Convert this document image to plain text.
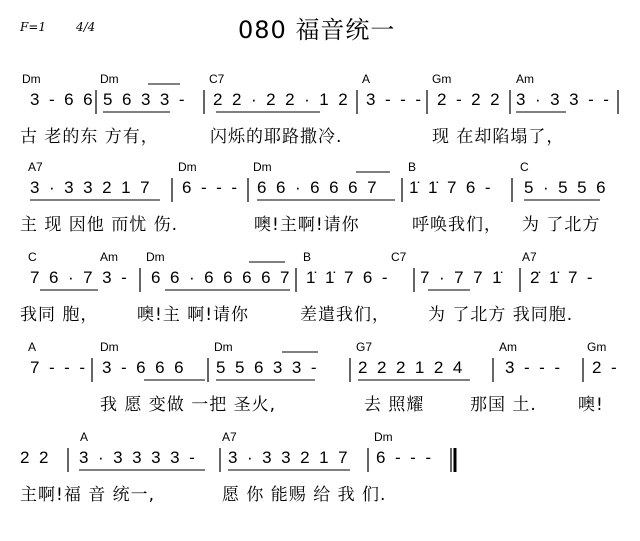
F=1 4/4	080 福音统一
Dm	Dm	C7	A	Gm	Am
3 - 6 6 5 6 3 3 - 2 2 · 2 2 · 1 2 3 - - - 2 - 2 2 3 · 3 3 - -
古 老的东 方有，	闪烁的耶路撒冷.	现 在却陷塌了，
A7	Dm	Dm	B	C
3 · 3 3 2 1 7 6 - - - 6 6 · 6 6 6 7 1̇ 1̇ 7 6 - 5 · 5 5 6
主 现 因他 而忧 伤.	噢!主啊!请你	呼唤我们， 为 了北方
C	Am Dm	B	C7	A7
7 6 · 7 3 - 6 6 · 6 6 6 6 7 1̇ 1̇ 7 6 - 7 · 7 7 1̇ 2̇ 1̇ 7 -
我同 胞， 噢!主 啊!请你	差遣我们， 为 了北方 我同胞.
A	Dm	Dm	G7	Am	Gm
7 - - - 3 - 6 6 6 5 5 6 3 3 - 2 2 2 1 2 4 3 - - - 2 -
我 愿 变做 一把 圣火,	去 照耀	那国 土. 噢!
A	A7	Dm
2 2 3 · 3 3 3 3 - 3 · 3 3 2 1 7 6 - - -
主啊!福 音 统一,	愿 你 能赐 给 我 们.
